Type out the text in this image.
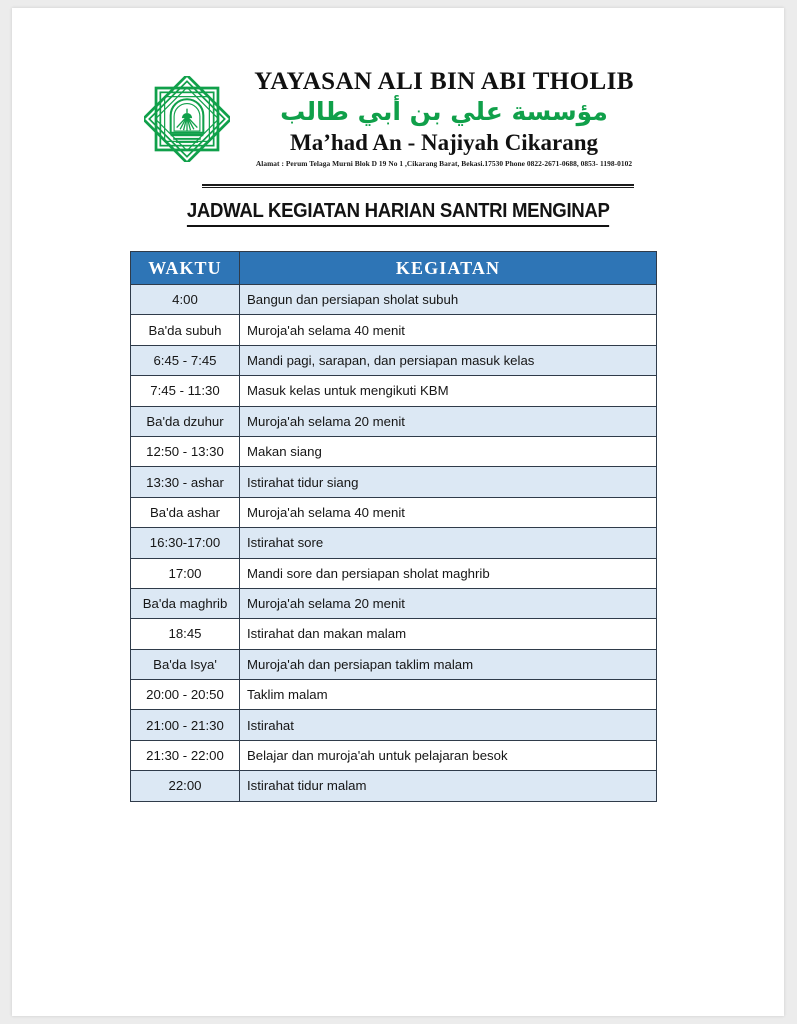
YAYASAN ALI BIN ABI THOLIB
مؤسسة علي بن أبي طالب
Ma’had An - Najiyah Cikarang
Alamat : Perum Telaga Murni Blok D 19 No 1 ,Cikarang Barat, Bekasi.17530 Phone 0822-2671-0688, 0853- 1198-0102
JADWAL KEGIATAN HARIAN SANTRI MENGINAP
WAKTU	KEGIATAN
4:00	Bangun dan persiapan sholat subuh
Ba'da subuh	Muroja'ah selama 40 menit
6:45 - 7:45	Mandi pagi, sarapan, dan persiapan masuk kelas
7:45 - 11:30	Masuk kelas untuk mengikuti KBM
Ba'da dzuhur	Muroja'ah selama 20 menit
12:50 - 13:30	Makan siang
13:30 - ashar	Istirahat tidur siang
Ba'da ashar	Muroja'ah selama 40 menit
16:30-17:00	Istirahat sore
17:00	Mandi sore dan persiapan sholat maghrib
Ba'da maghrib	Muroja'ah selama 20 menit
18:45	Istirahat dan makan malam
Ba'da Isya'	Muroja'ah dan persiapan taklim malam
20:00 - 20:50	Taklim malam
21:00 - 21:30	Istirahat
21:30 - 22:00	Belajar dan muroja'ah untuk pelajaran besok
22:00	Istirahat tidur malam
